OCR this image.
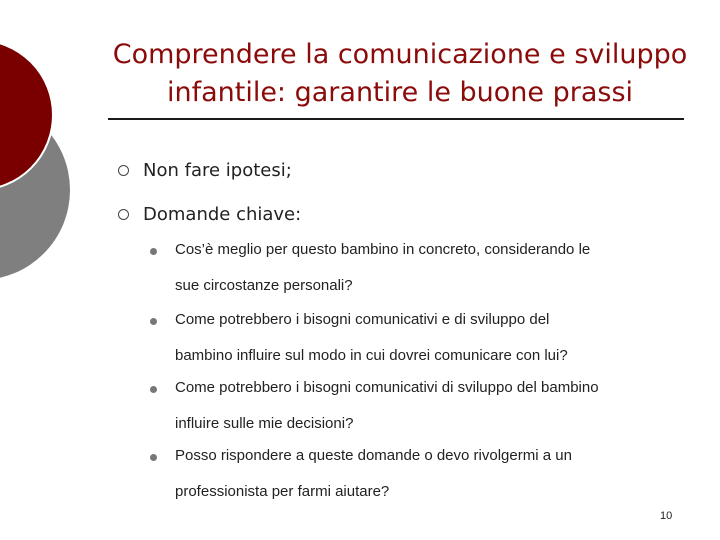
Comprendere la comunicazione e sviluppo
infantile: garantire le buone prassi
Non fare ipotesi;
Domande chiave:
Cos’è meglio per questo bambino in concreto, considerando le
sue circostanze personali?
Come potrebbero i bisogni comunicativi e di sviluppo del
bambino influire sul modo in cui dovrei comunicare con lui?
Come potrebbero i bisogni comunicativi di sviluppo del bambino
influire sulle mie decisioni?
Posso rispondere a queste domande o devo rivolgermi a un
professionista per farmi aiutare?
10
